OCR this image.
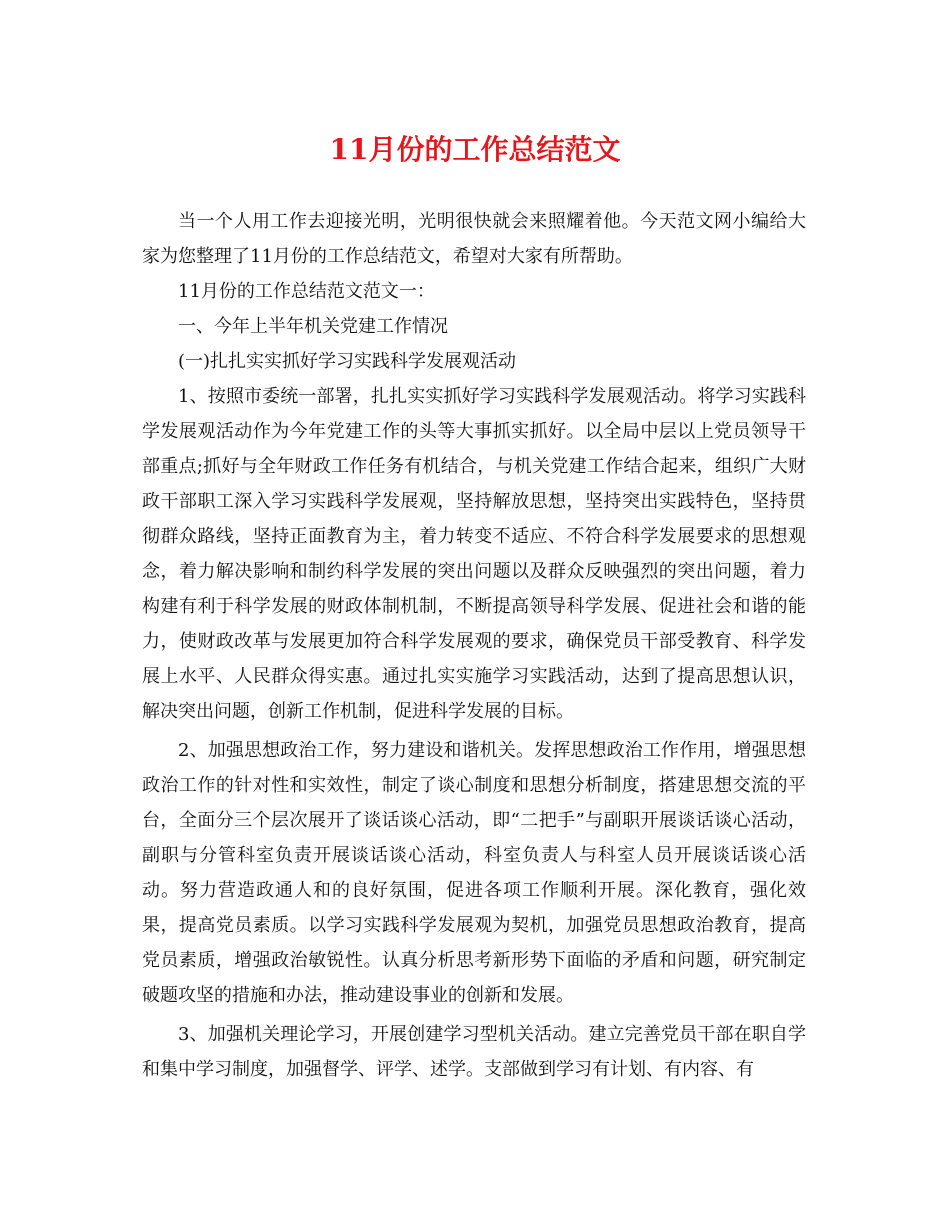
11月份的工作总结范文

当一个人用工作去迎接光明，光明很快就会来照耀着他。今天范文网小编给大家为您整理了11月份的工作总结范文，希望对大家有所帮助。

11月份的工作总结范文范文一：

一、今年上半年机关党建工作情况

(一)扎扎实实抓好学习实践科学发展观活动

1、按照市委统一部署，扎扎实实抓好学习实践科学发展观活动。将学习实践科学发展观活动作为今年党建工作的头等大事抓实抓好。以全局中层以上党员领导干部重点;抓好与全年财政工作任务有机结合，与机关党建工作结合起来，组织广大财政干部职工深入学习实践科学发展观，坚持解放思想，坚持突出实践特色，坚持贯彻群众路线，坚持正面教育为主，着力转变不适应、不符合科学发展要求的思想观念，着力解决影响和制约科学发展的突出问题以及群众反映强烈的突出问题，着力构建有利于科学发展的财政体制机制，不断提高领导科学发展、促进社会和谐的能力，使财政改革与发展更加符合科学发展观的要求，确保党员干部受教育、科学发展上水平、人民群众得实惠。通过扎实实施学习实践活动，达到了提高思想认识，解决突出问题，创新工作机制，促进科学发展的目标。

2、加强思想政治工作，努力建设和谐机关。发挥思想政治工作作用，增强思想政治工作的针对性和实效性，制定了谈心制度和思想分析制度，搭建思想交流的平台，全面分三个层次展开了谈话谈心活动，即“二把手”与副职开展谈话谈心活动，副职与分管科室负责开展谈话谈心活动，科室负责人与科室人员开展谈话谈心活动。努力营造政通人和的良好氛围，促进各项工作顺利开展。深化教育，强化效果，提高党员素质。以学习实践科学发展观为契机，加强党员思想政治教育，提高党员素质，增强政治敏锐性。认真分析思考新形势下面临的矛盾和问题，研究制定破题攻坚的措施和办法，推动建设事业的创新和发展。

3、加强机关理论学习，开展创建学习型机关活动。建立完善党员干部在职自学和集中学习制度，加强督学、评学、述学。支部做到学习有计划、有内容、有
